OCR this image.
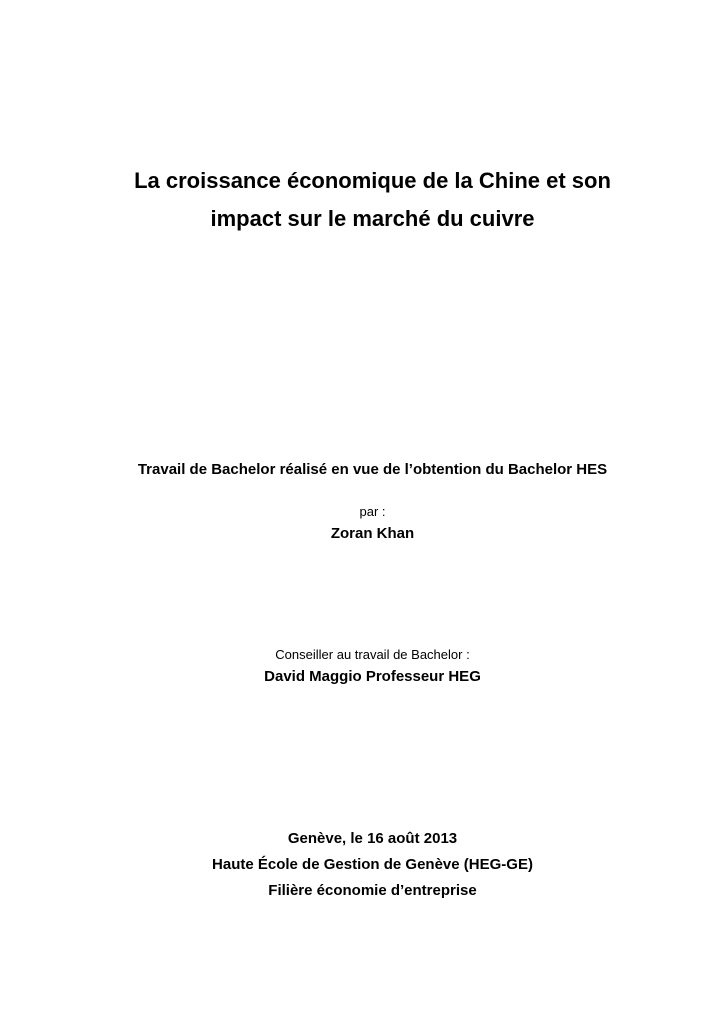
La croissance économique de la Chine et son
impact sur le marché du cuivre
Travail de Bachelor réalisé en vue de l’obtention du Bachelor HES
par :
Zoran Khan
Conseiller au travail de Bachelor :
David Maggio Professeur HEG
Genève, le 16 août 2013
Haute École de Gestion de Genève (HEG-GE)
Filière économie d’entreprise
